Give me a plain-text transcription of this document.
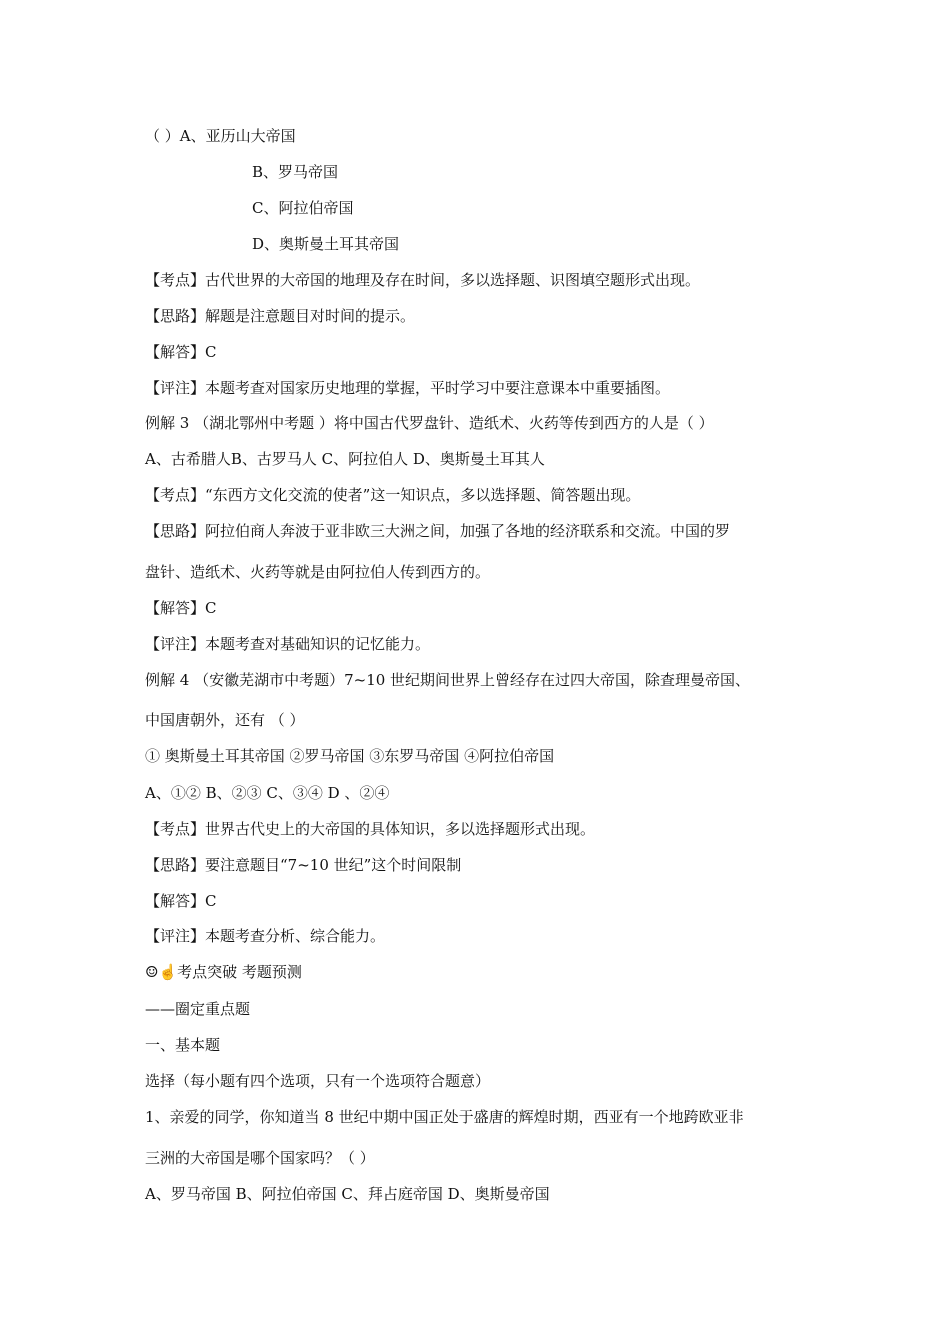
（ ）A、亚历山大帝国
B、罗马帝国
C、阿拉伯帝国
D、奥斯曼土耳其帝国
【考点】古代世界的大帝国的地理及存在时间，多以选择题、识图填空题形式出现。
【思路】解题是注意题目对时间的提示。
【解答】C
【评注】本题考查对国家历史地理的掌握，平时学习中要注意课本中重要插图。
例解 3 （湖北鄂州中考题 ）将中国古代罗盘针、造纸术、火药等传到西方的人是（ ）
A、古希腊人B、古罗马人 C、阿拉伯人 D、奥斯曼土耳其人
【考点】“东西方文化交流的使者”这一知识点，多以选择题、简答题出现。
【思路】阿拉伯商人奔波于亚非欧三大洲之间，加强了各地的经济联系和交流。中国的罗
盘针、造纸术、火药等就是由阿拉伯人传到西方的。
【解答】C
【评注】本题考查对基础知识的记忆能力。
例解 4 （安徽芜湖市中考题）7~10 世纪期间世界上曾经存在过四大帝国，除查理曼帝国、
中国唐朝外，还有 （ ）
① 奥斯曼土耳其帝国 ②罗马帝国 ③东罗马帝国 ④阿拉伯帝国
A、①② B、②③ C、③④ D 、②④
【考点】世界古代史上的大帝国的具体知识，多以选择题形式出现。
【思路】要注意题目“7~10 世纪”这个时间限制
【解答】C
【评注】本题考查分析、综合能力。
☺☝考点突破 考题预测
——圈定重点题
一、基本题
选择（每小题有四个选项，只有一个选项符合题意）
1、亲爱的同学，你知道当 8 世纪中期中国正处于盛唐的辉煌时期，西亚有一个地跨欧亚非
三洲的大帝国是哪个国家吗？（ ）
A、罗马帝国 B、阿拉伯帝国 C、拜占庭帝国 D、奥斯曼帝国
